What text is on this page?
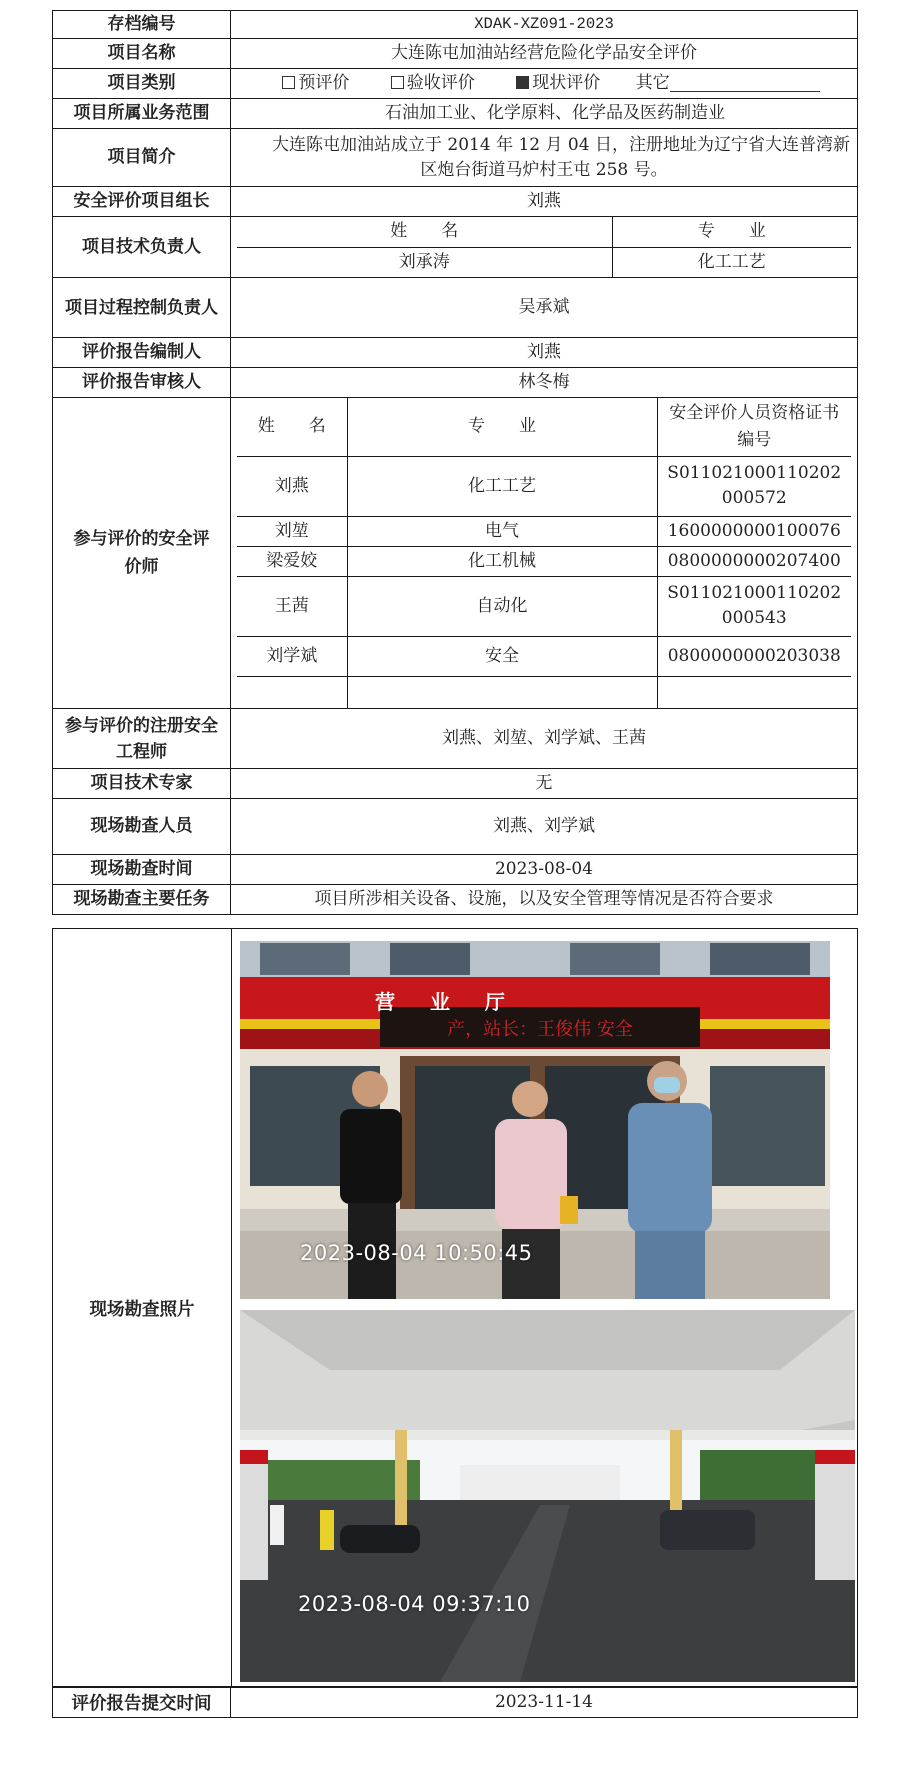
存档编号	XDAK-XZ091-2023
项目名称	大连陈屯加油站经营危险化学品安全评价
项目类别	预评价	验收评价	现状评价 其它
项目所属业务范围	石油加工业、化学原料、化学品及医药制造业
项目简介	大连陈屯加油站成立于 2014 年 12 月 04 日，注册地址为辽宁省大连普湾新区炮台街道马炉村王屯 258 号。
安全评价项目组长	刘燕
项目技术负责人	
姓　　名	专　　业
刘承涛	化工工艺

项目过程控制负责人	吴承斌
评价报告编制人	刘燕
评价报告审核人	林冬梅
参与评价的安全评价师	
姓　　名	专　　业	安全评价人员资格证书编号
刘燕	化工工艺	S011021000110202000572
刘堃	电气	1600000000100076
梁爱姣	化工机械	0800000000207400
王茜	自动化	S011021000110202000543
刘学斌	安全	0800000000203038

参与评价的注册安全工程师	刘燕、刘堃、刘学斌、王茜
项目技术专家	无
现场勘查人员	刘燕、刘学斌
现场勘查时间	2023-08-04
现场勘查主要任务	项目所涉相关设备、设施，以及安全管理等情况是否符合要求
现场勘查照片
营 业 厅
产，站长：王俊伟 安全
2023-08-04 10:50:45
2023-08-04 09:37:10
评价报告提交时间	2023-11-14
